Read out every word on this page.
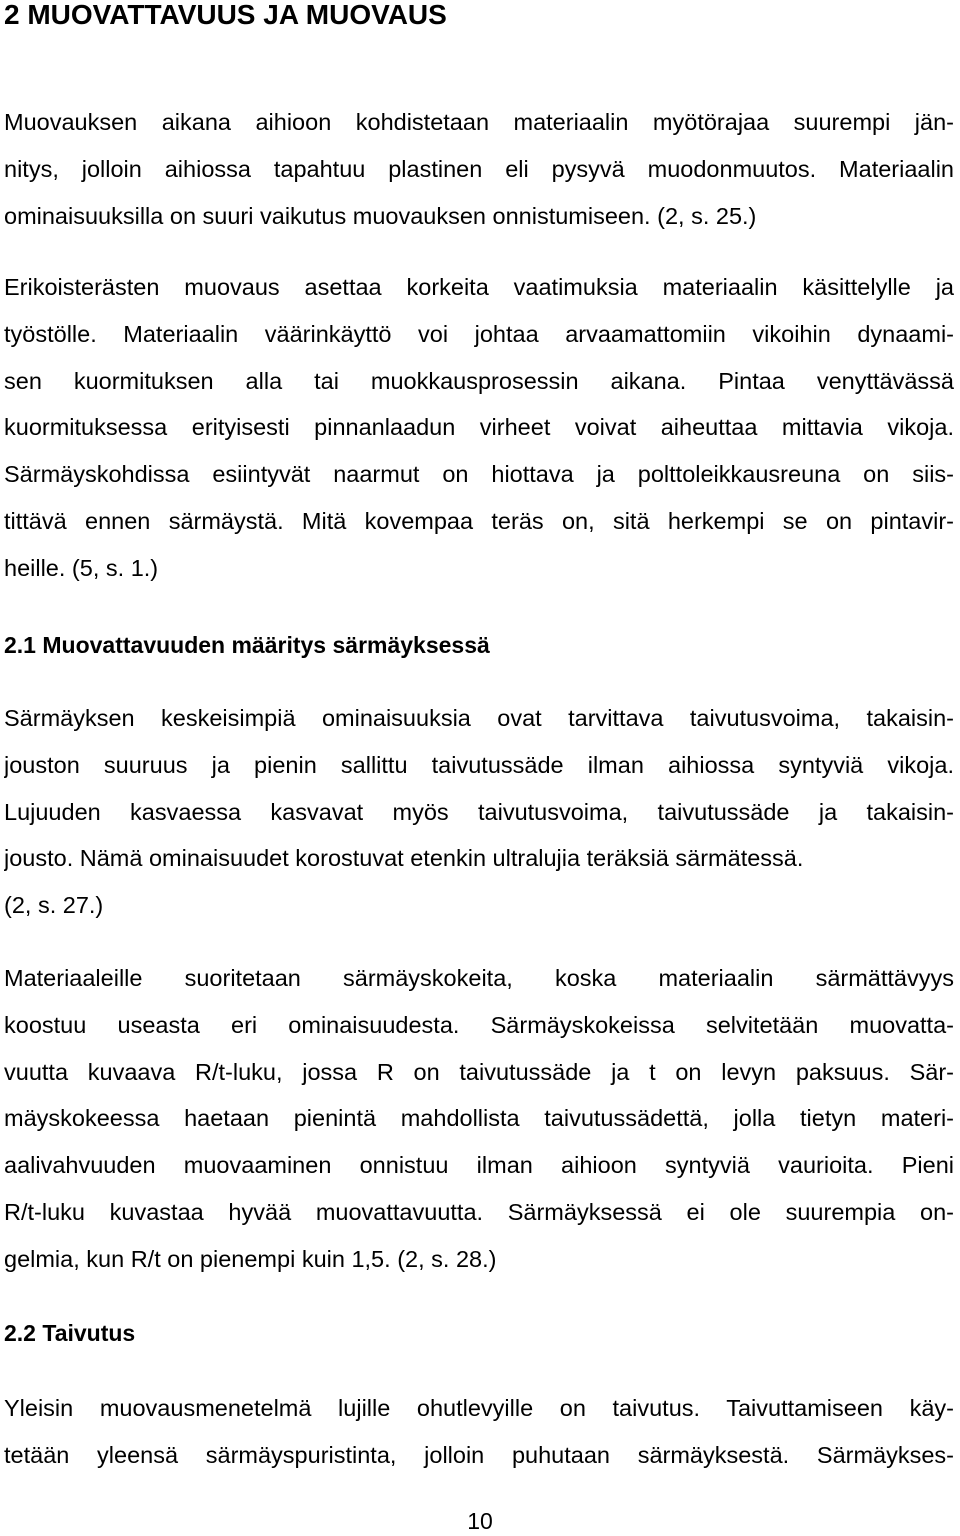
2 MUOVATTAVUUS JA MUOVAUS
Muovauksen aikana aihioon kohdistetaan materiaalin myötörajaa suurempi jän-
nitys, jolloin aihiossa tapahtuu plastinen eli pysyvä muodonmuutos. Materiaalin
ominaisuuksilla on suuri vaikutus muovauksen onnistumiseen. (2, s. 25.)
Erikoisterästen muovaus asettaa korkeita vaatimuksia materiaalin käsittelylle ja
työstölle. Materiaalin väärinkäyttö voi johtaa arvaamattomiin vikoihin dynaami-
sen kuormituksen alla tai muokkausprosessin aikana. Pintaa venyttävässä
kuormituksessa erityisesti pinnanlaadun virheet voivat aiheuttaa mittavia vikoja.
Särmäyskohdissa esiintyvät naarmut on hiottava ja polttoleikkausreuna on siis-
tittävä ennen särmäystä. Mitä kovempaa teräs on, sitä herkempi se on pintavir-
heille. (5, s. 1.)
2.1 Muovattavuuden määritys särmäyksessä
Särmäyksen keskeisimpiä ominaisuuksia ovat tarvittava taivutusvoima, takaisin-
jouston suuruus ja pienin sallittu taivutussäde ilman aihiossa syntyviä vikoja.
Lujuuden kasvaessa kasvavat myös taivutusvoima, taivutussäde ja takaisin-
jousto. Nämä ominaisuudet korostuvat etenkin ultralujia teräksiä särmätessä.
(2, s. 27.)
Materiaaleille suoritetaan särmäyskokeita, koska materiaalin särmättävyys
koostuu useasta eri ominaisuudesta. Särmäyskokeissa selvitetään muovatta-
vuutta kuvaava R/t-luku, jossa R on taivutussäde ja t on levyn paksuus. Sär-
mäyskokeessa haetaan pienintä mahdollista taivutussädettä, jolla tietyn materi-
aalivahvuuden muovaaminen onnistuu ilman aihioon syntyviä vaurioita. Pieni
R/t-luku kuvastaa hyvää muovattavuutta. Särmäyksessä ei ole suurempia on-
gelmia, kun R/t on pienempi kuin 1,5. (2, s. 28.)
2.2 Taivutus
Yleisin muovausmenetelmä lujille ohutlevyille on taivutus. Taivuttamiseen käy-
tetään yleensä särmäyspuristinta, jolloin puhutaan särmäyksestä. Särmäykses-
10
